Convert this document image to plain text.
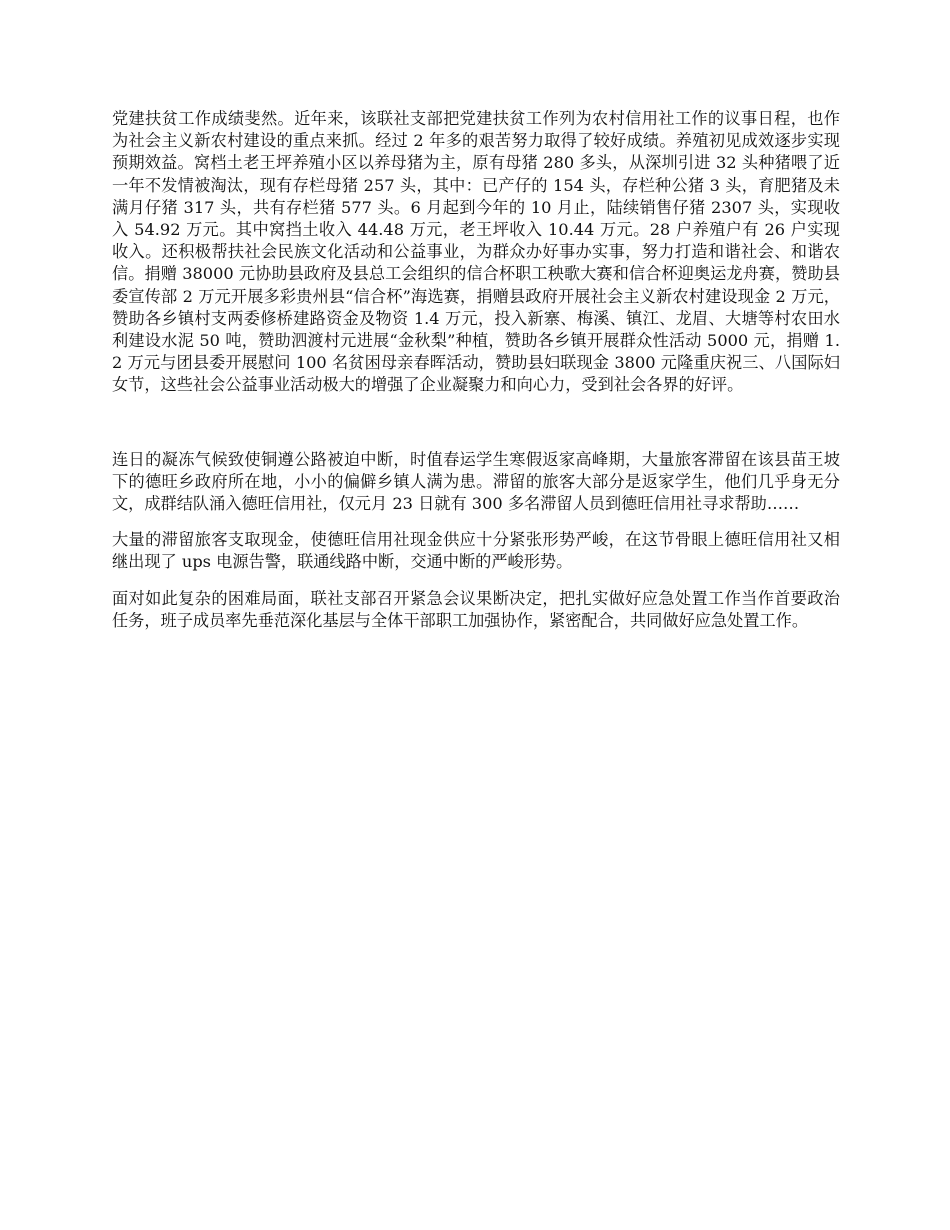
党建扶贫工作成绩斐然。近年来，该联社支部把党建扶贫工作列为农村信用社工作的议事日程，也作为社会主义新农村建设的重点来抓。经过 2 年多的艰苦努力取得了较好成绩。养殖初见成效逐步实现预期效益。窝档土老王坪养殖小区以养母猪为主，原有母猪 280 多头，从深圳引进 32 头种猪喂了近一年不发情被淘汰，现有存栏母猪 257 头，其中：已产仔的 154 头，存栏种公猪 3 头，育肥猪及未满月仔猪 317 头，共有存栏猪 577 头。6 月起到今年的 10 月止，陆续销售仔猪 2307 头，实现收入 54.92 万元。其中窝挡土收入 44.48 万元，老王坪收入 10.44 万元。28 户养殖户有 26 户实现收入。还积极帮扶社会民族文化活动和公益事业，为群众办好事办实事，努力打造和谐社会、和谐农信。捐赠 38000 元协助县政府及县总工会组织的信合杯职工秧歌大赛和信合杯迎奥运龙舟赛，赞助县委宣传部 2 万元开展多彩贵州县“信合杯”海选赛，捐赠县政府开展社会主义新农村建设现金 2 万元，赞助各乡镇村支两委修桥建路资金及物资 1.4 万元，投入新寨、梅溪、镇江、龙眉、大塘等村农田水利建设水泥 50 吨，赞助泗渡村元进展“金秋梨”种植，赞助各乡镇开展群众性活动 5000 元，捐赠 1.2 万元与团县委开展慰问 100 名贫困母亲春晖活动，赞助县妇联现金 3800 元隆重庆祝三、八国际妇女节，这些社会公益事业活动极大的增强了企业凝聚力和向心力，受到社会各界的好评。

连日的凝冻气候致使铜遵公路被迫中断，时值春运学生寒假返家高峰期，大量旅客滞留在该县苗王坡下的德旺乡政府所在地，小小的偏僻乡镇人满为患。滞留的旅客大部分是返家学生，他们几乎身无分文，成群结队涌入德旺信用社，仅元月 23 日就有 300 多名滞留人员到德旺信用社寻求帮助……

大量的滞留旅客支取现金，使德旺信用社现金供应十分紧张形势严峻，在这节骨眼上德旺信用社又相继出现了 ups 电源告警，联通线路中断，交通中断的严峻形势。

面对如此复杂的困难局面，联社支部召开紧急会议果断决定，把扎实做好应急处置工作当作首要政治任务，班子成员率先垂范深化基层与全体干部职工加强协作，紧密配合，共同做好应急处置工作。
